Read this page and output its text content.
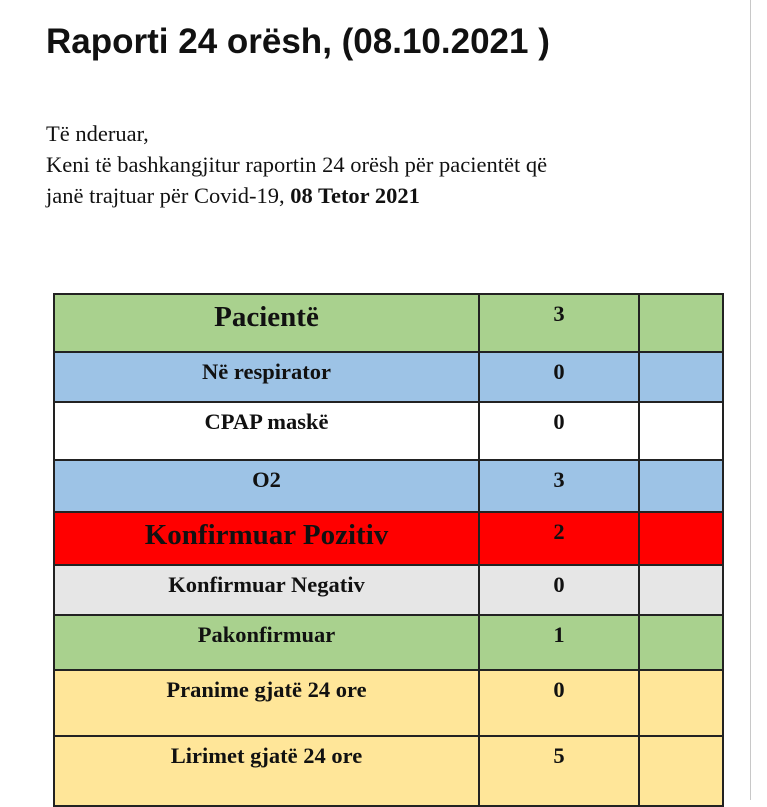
Raporti 24 orësh, (08.10.2021 )

Të nderuar,

Keni të bashkangjitur raportin 24 orësh për pacientët që

janë trajtuar për Covid-19, 08 Tetor 2021

Pacientë	3	
Në respirator	0	
CPAP maskë	0	
O2	3	
Konfirmuar Pozitiv	2	
Konfirmuar Negativ	0	
Pakonfirmuar	1	
Pranime gjatë 24 ore	0	
Lirimet gjatë 24 ore	5	
